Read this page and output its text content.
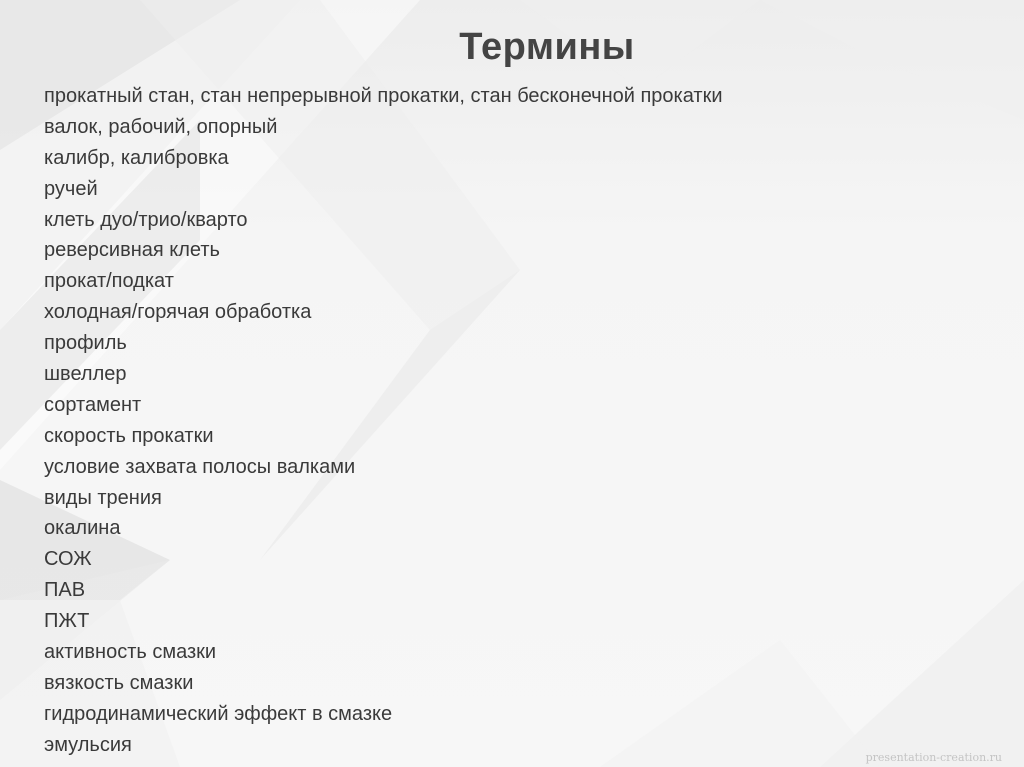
Термины
прокатный стан, стан непрерывной прокатки, стан бесконечной прокатки
валок, рабочий, опорный
калибр, калибровка
ручей
клеть дуо/трио/кварто
реверсивная клеть
прокат/подкат
холодная/горячая обработка
профиль
швеллер
сортамент
скорость прокатки
условие захвата полосы валками
виды трения
окалина
СОЖ
ПАВ
ПЖТ
активность смазки
вязкость смазки
гидродинамический эффект в смазке
эмульсия
presentation-creation.ru
